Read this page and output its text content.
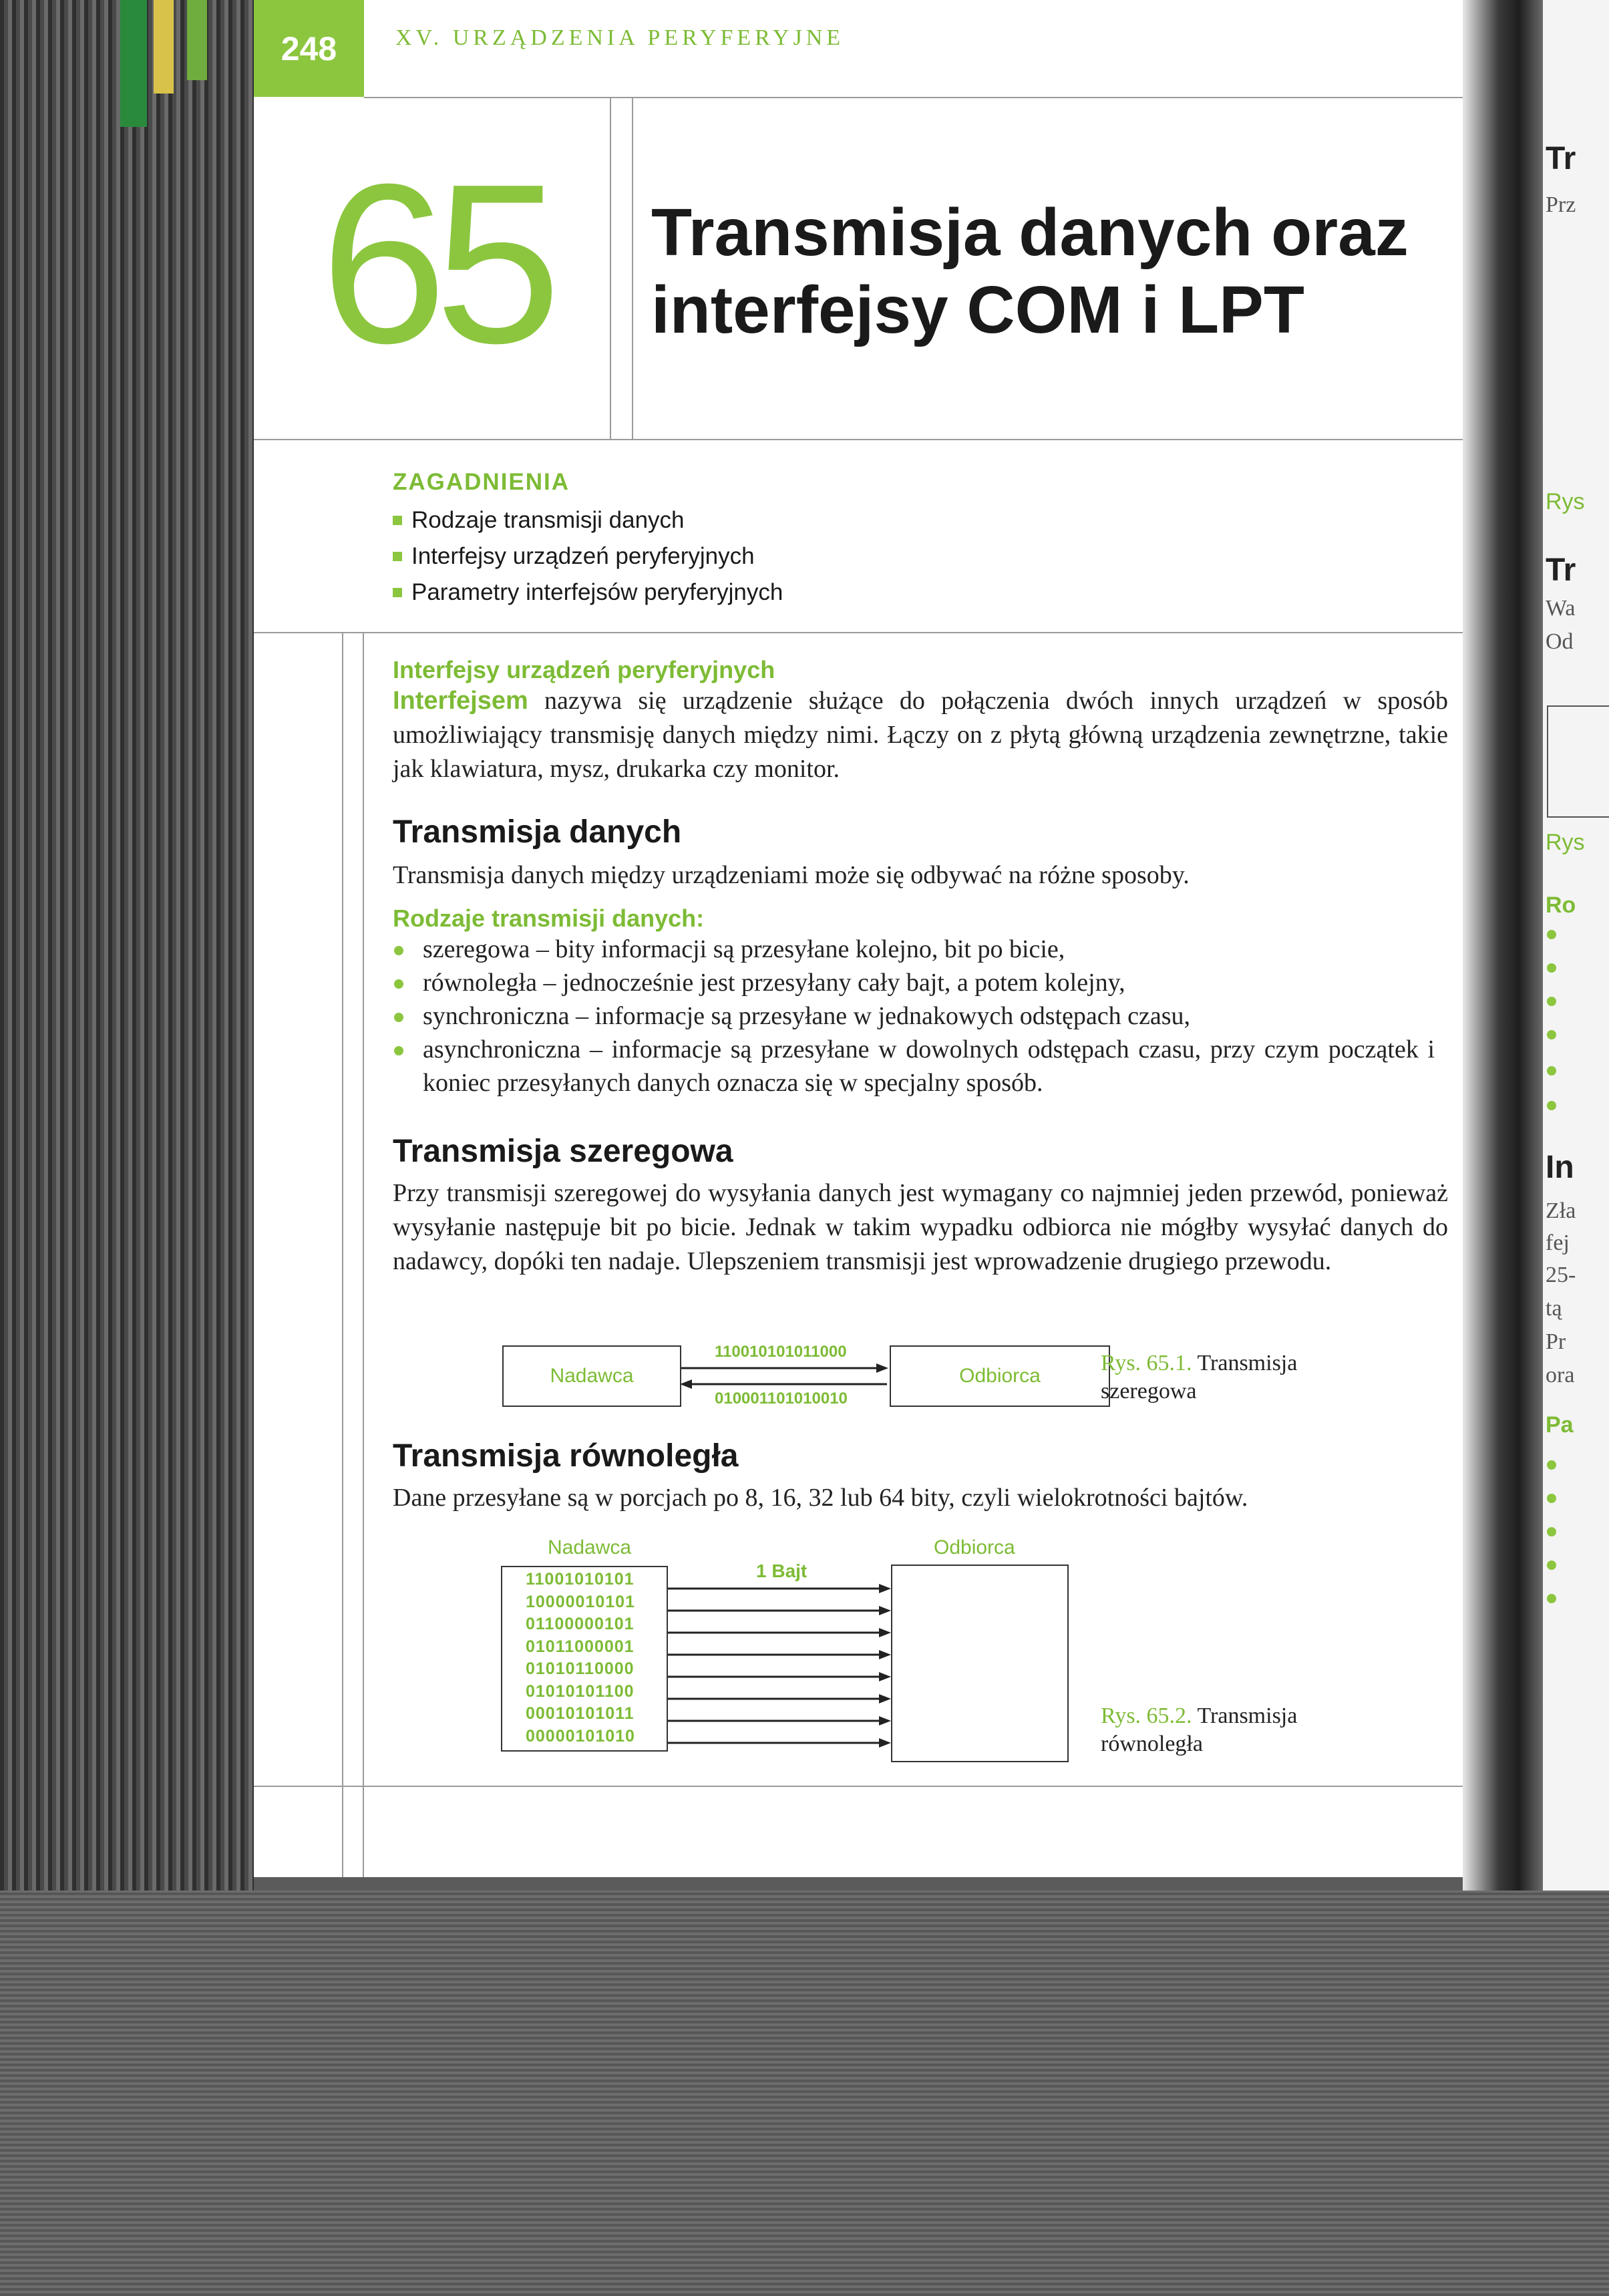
248	XV. URZĄDZENIA PERYFERYJNE
65 Transmisja danych oraz
interfejsy COM i LPT
ZAGADNIENIA
Rodzaje transmisji danych
Interfejsy urządzeń peryferyjnych
Parametry interfejsów peryferyjnych
Interfejsy urządzeń peryferyjnych
Interfejsem nazywa się urządzenie służące do połączenia dwóch innych urządzeń w sposób umożliwiający transmisję danych między nimi. Łączy on z płytą główną urządzenia zewnętrzne, takie jak klawiatura, mysz, drukarka czy monitor.
Transmisja danych
Transmisja danych między urządzeniami może się odbywać na różne sposoby.
Rodzaje transmisji danych:
szeregowa – bity informacji są przesyłane kolejno, bit po bicie,
równoległa – jednocześnie jest przesyłany cały bajt, a potem kolejny,
synchroniczna – informacje są przesyłane w jednakowych odstępach czasu,
asynchroniczna – informacje są przesyłane w dowolnych odstępach czasu, przy czym początek i koniec przesyłanych danych oznacza się w specjalny sposób.
Transmisja szeregowa
Przy transmisji szeregowej do wysyłania danych jest wymagany co najmniej jeden przewód, ponieważ wysyłanie następuje bit po bicie. Jednak w takim wypadku odbiorca nie mógłby wysyłać danych do nadawcy, dopóki ten nadaje. Ulepszeniem transmisji jest wprowadzenie drugiego przewodu.
Nadawca	Odbiorca
110010101011000
010001101010010
Rys. 65.1. Transmisja
szeregowa
Transmisja równoległa
Dane przesyłane są w porcjach po 8, 16, 32 lub 64 bity, czyli wielokrotności bajtów.
Nadawca	Odbiorca
11001010101
10000010101
01100000101
01011000001
01010110000
01010101100
00010101011
00000101010
1 Bajt
Rys. 65.2. Transmisja
równoległa
Tr
Prz
Rys
Tr
Wa
Od
Rys
Ro
In
Zła
fej
25-
tą
Pr
ora
Pa
